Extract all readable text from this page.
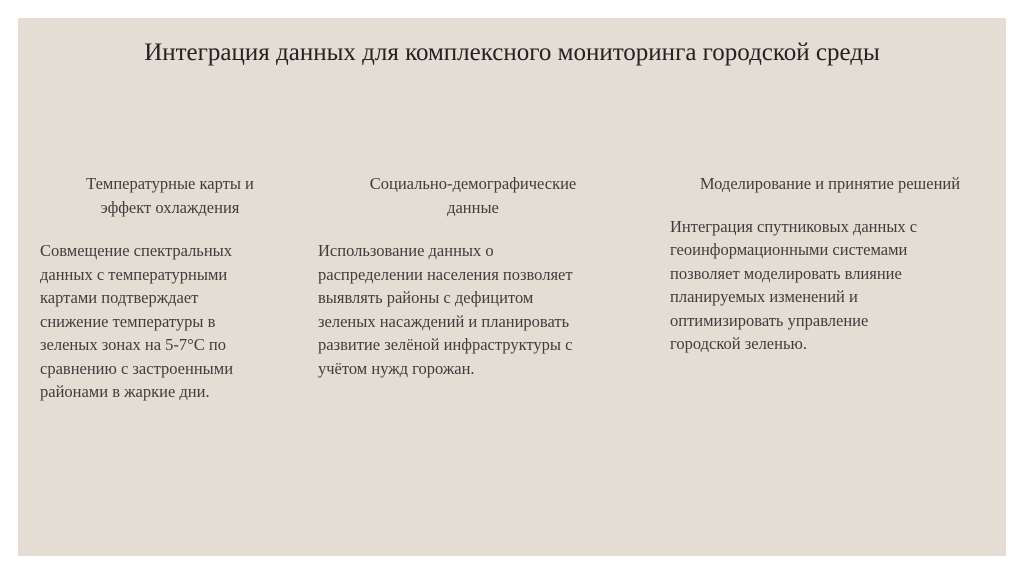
Интеграция данных для комплексного мониторинга городской среды

Температурные карты и
эффект охлаждения

Совмещение спектральных
данных с температурными
картами подтверждает
снижение температуры в
зеленых зонах на 5-7°C по
сравнению с застроенными
районами в жаркие дни.

Социально-демографические
данные

Использование данных о
распределении населения позволяет
выявлять районы с дефицитом
зеленых насаждений и планировать
развитие зелёной инфраструктуры с
учётом нужд горожан.

Моделирование и принятие решений

Интеграция спутниковых данных с
геоинформационными системами
позволяет моделировать влияние
планируемых изменений и
оптимизировать управление
городской зеленью.
